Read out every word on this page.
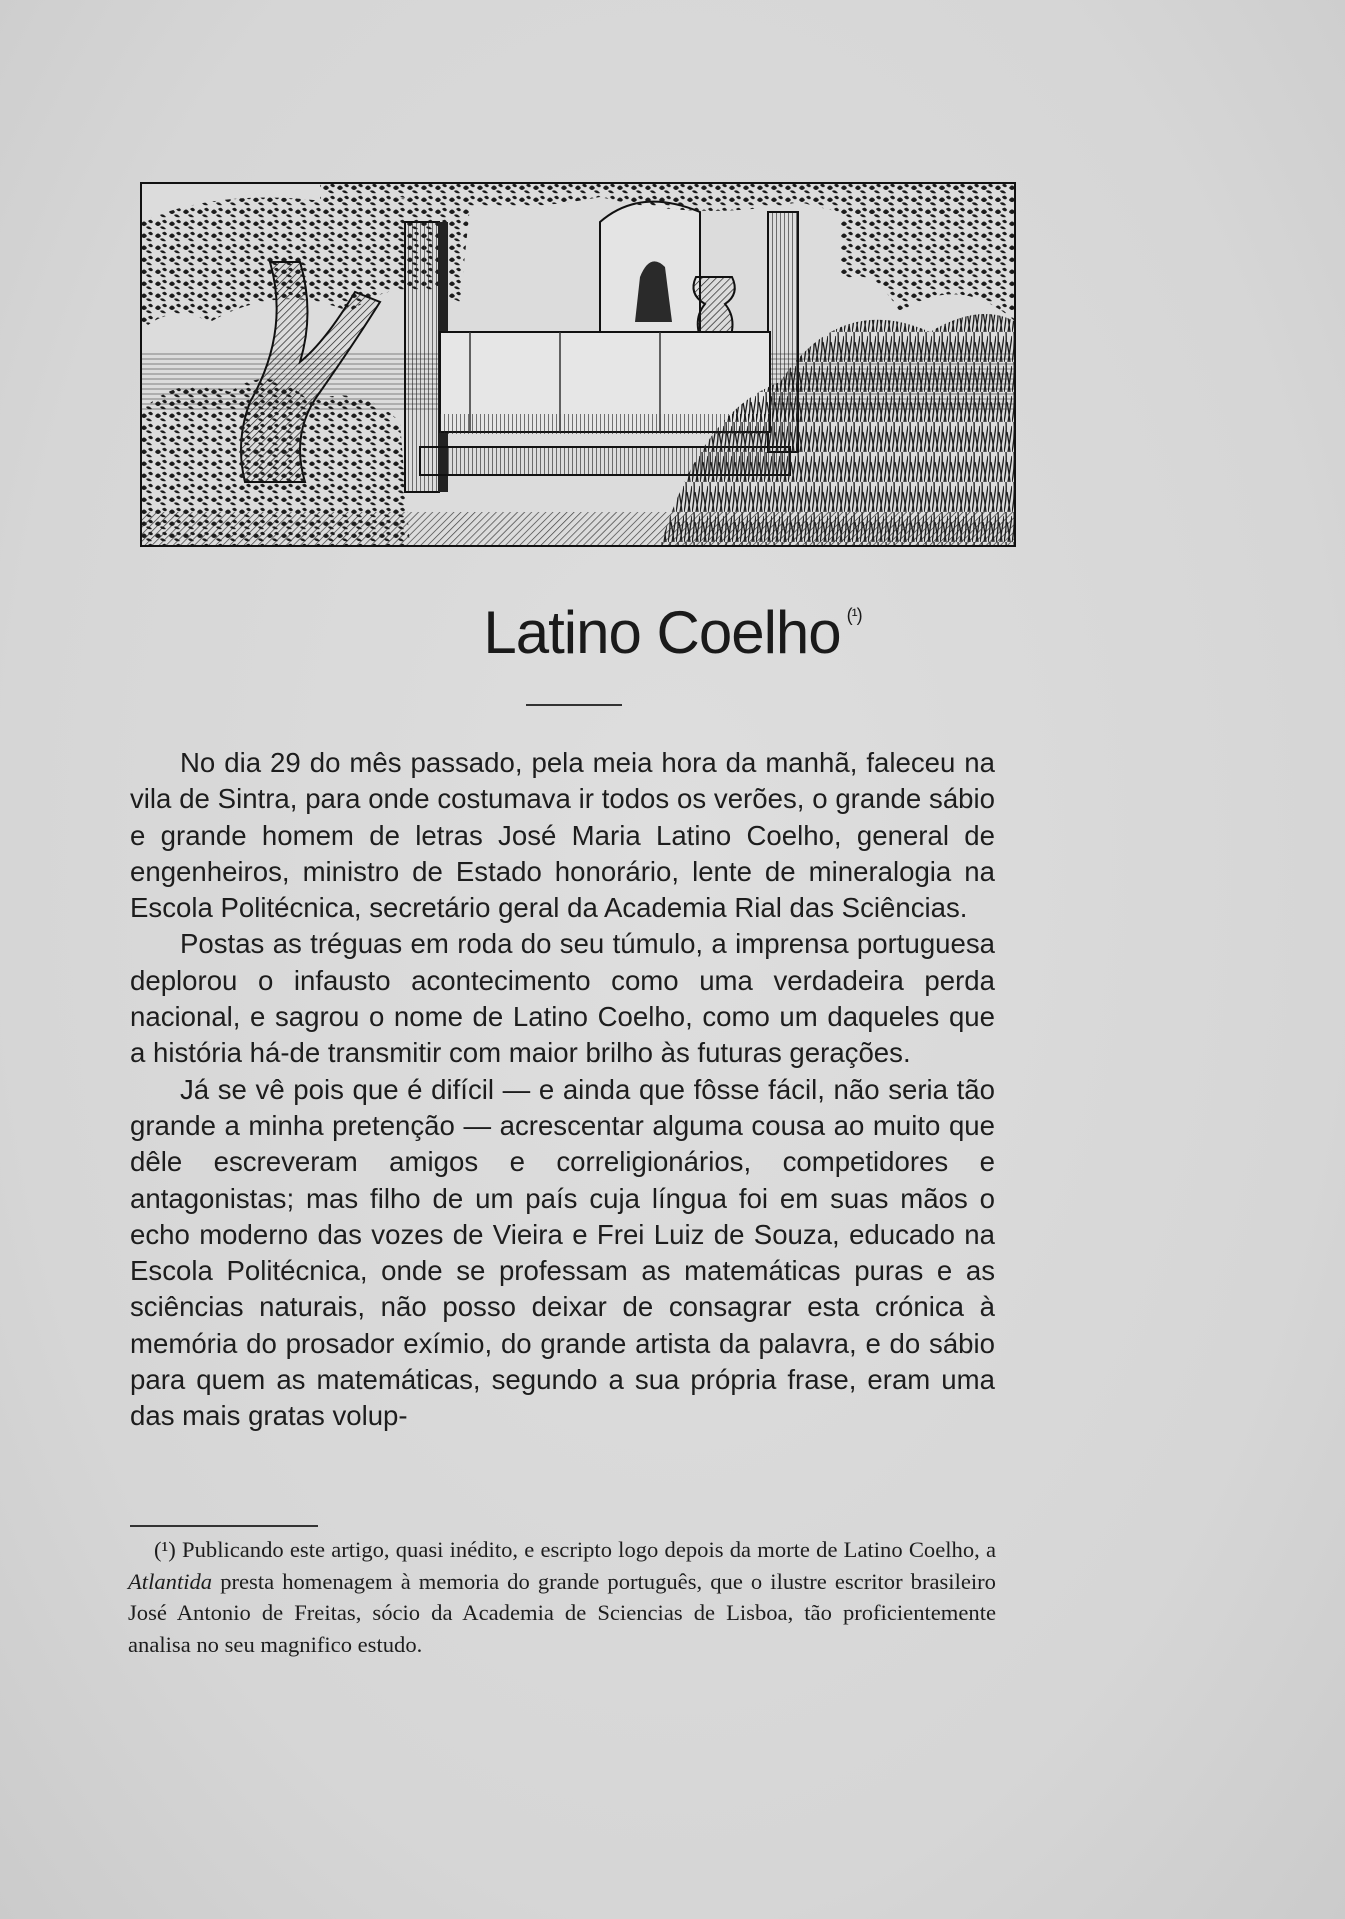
Latino Coelho $^{(^1)}$

No dia 29 do mês passado, pela meia hora da manhã, faleceu na vila de Sintra, para onde costumava ir todos os verões, o grande sábio e grande homem de letras José Maria Latino Coelho, general de engenheiros, ministro de Estado honorário, lente de mineralogia na Escola Politécnica, secretário geral da Academia Rial das Sciências.

Postas as tréguas em roda do seu túmulo, a imprensa portuguesa deplorou o infausto acontecimento como uma verdadeira perda nacional, e sagrou o nome de Latino Coelho, como um daqueles que a história há-de transmitir com maior brilho às futuras gerações.

Já se vê pois que é difícil — e ainda que fôsse fácil, não seria tão grande a minha pretenção — acrescentar alguma cousa ao muito que dêle escreveram amigos e correligionários, competidores e antagonistas; mas filho de um país cuja língua foi em suas mãos o echo moderno das vozes de Vieira e Frei Luiz de Souza, educado na Escola Politécnica, onde se professam as matemáticas puras e as sciências naturais, não posso deixar de consagrar esta crónica à memória do prosador exímio, do grande artista da palavra, e do sábio para quem as matemáticas, segundo a sua própria frase, eram uma das mais gratas volup-

(¹) Publicando este artigo, quasi inédito, e escripto logo depois da morte de Latino Coelho, a Atlantida presta homenagem à memoria do grande português, que o ilustre escritor brasileiro José Antonio de Freitas, sócio da Academia de Sciencias de Lisboa, tão proficientemente analisa no seu magnifico estudo.
